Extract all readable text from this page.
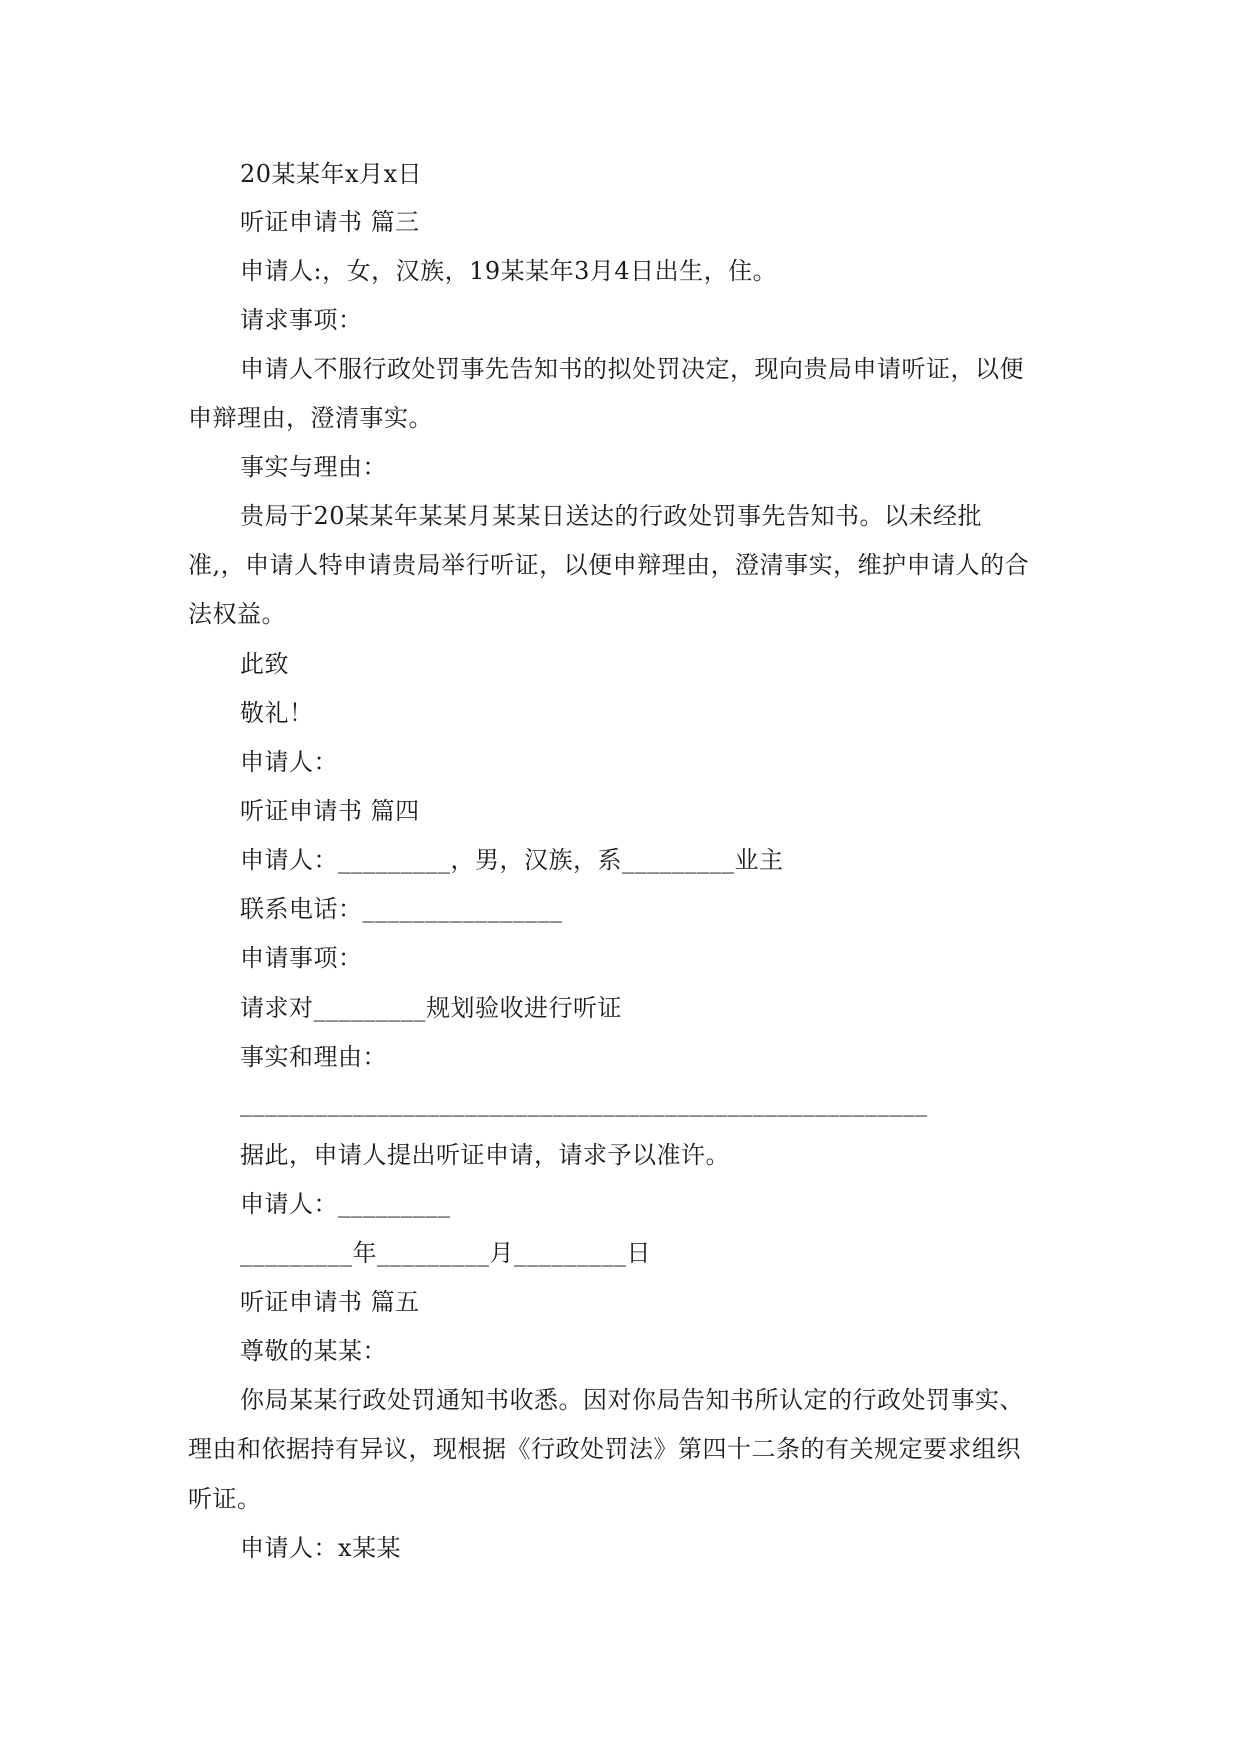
20某某年x月x日
听证申请书 篇三
申请人:，女，汉族，19某某年3月4日出生，住。
请求事项：
申请人不服行政处罚事先告知书的拟处罚决定，现向贵局申请听证，以便
申辩理由，澄清事实。
事实与理由：
贵局于20某某年某某月某某日送达的行政处罚事先告知书。以未经批
准,，申请人特申请贵局举行听证，以便申辩理由，澄清事实，维护申请人的合
法权益。
此致
敬礼！
申请人：
听证申请书 篇四
申请人：_________，男，汉族，系_________业主
联系电话：________________
申请事项：
请求对_________规划验收进行听证
事实和理由：
_______________________________________________________
据此，申请人提出听证申请，请求予以准许。
申请人：_________
_________年_________月_________日
听证申请书 篇五
尊敬的某某：
你局某某行政处罚通知书收悉。因对你局告知书所认定的行政处罚事实、
理由和依据持有异议，现根据《行政处罚法》第四十二条的有关规定要求组织
听证。
申请人：x某某
